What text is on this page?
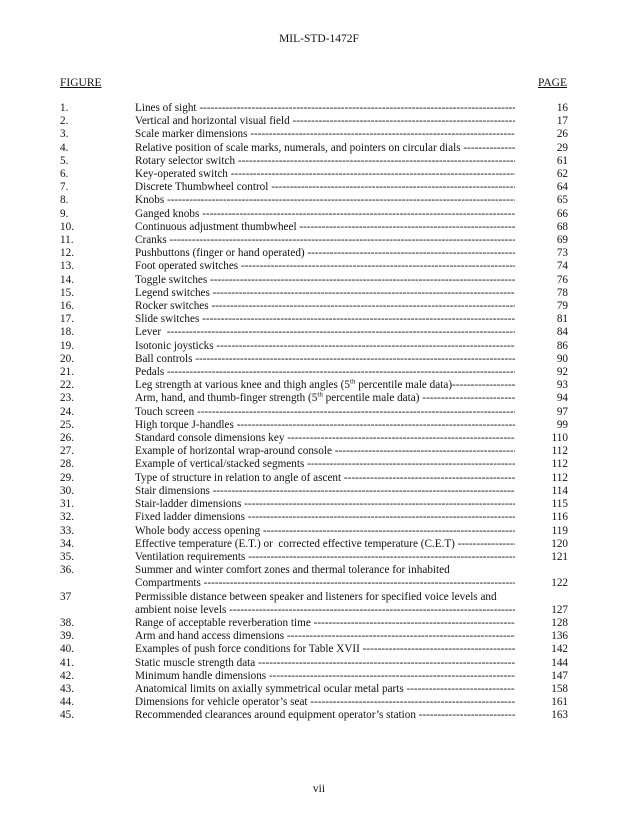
MIL-STD-1472F
FIGURE	PAGE
1.	Lines of sight -----	16
2.	Vertical and horizontal visual field -----	17
3.	Scale marker dimensions -----	26
4.	Relative position of scale marks, numerals, and pointers on circular dials -----	29
5.	Rotary selector switch -----	61
6.	Key-operated switch -----	62
7.	Discrete Thumbwheel control -----	64
8.	Knobs -----	65
9.	Ganged knobs -----	66
10.	Continuous adjustment thumbwheel -----	68
11.	Cranks -----	69
12.	Pushbuttons (finger or hand operated) -----	73
13.	Foot operated switches -----	74
14.	Toggle switches -----	76
15.	Legend switches -----	78
16.	Rocker switches -----	79
17.	Slide switches -----	81
18.	Lever -----	84
19.	Isotonic joysticks -----	86
20.	Ball controls -----	90
21.	Pedals -----	92
22.	Leg strength at various knee and thigh angles (5th percentile male data) -----	93
23.	Arm, hand, and thumb-finger strength (5th percentile male data) -----	94
24.	Touch screen -----	97
25.	High torque J-handles -----	99
26.	Standard console dimensions key -----	110
27.	Example of horizontal wrap-around console -----	112
28.	Example of vertical/stacked segments -----	112
29.	Type of structure in relation to angle of ascent -----	112
30.	Stair dimensions -----	114
31.	Stair-ladder dimensions -----	115
32.	Fixed ladder dimensions -----	116
33.	Whole body access opening -----	119
34.	Effective temperature (E.T.) or  corrected effective temperature (C.E.T) -----	120
35.	Ventilation requirements -----	121
36.	Summer and winter comfort zones and thermal tolerance for inhabited
Compartments -----	122
37	Permissible distance between speaker and listeners for specified voice levels and
ambient noise levels -----	127
38.	Range of acceptable reverberation time -----	128
39.	Arm and hand access dimensions -----	136
40.	Examples of push force conditions for Table XVII -----	142
41.	Static muscle strength data -----	144
42.	Minimum handle dimensions -----	147
43.	Anatomical limits on axially symmetrical ocular metal parts -----	158
44.	Dimensions for vehicle operator’s seat -----	161
45.	Recommended clearances around equipment operator’s station -----	163
vii
